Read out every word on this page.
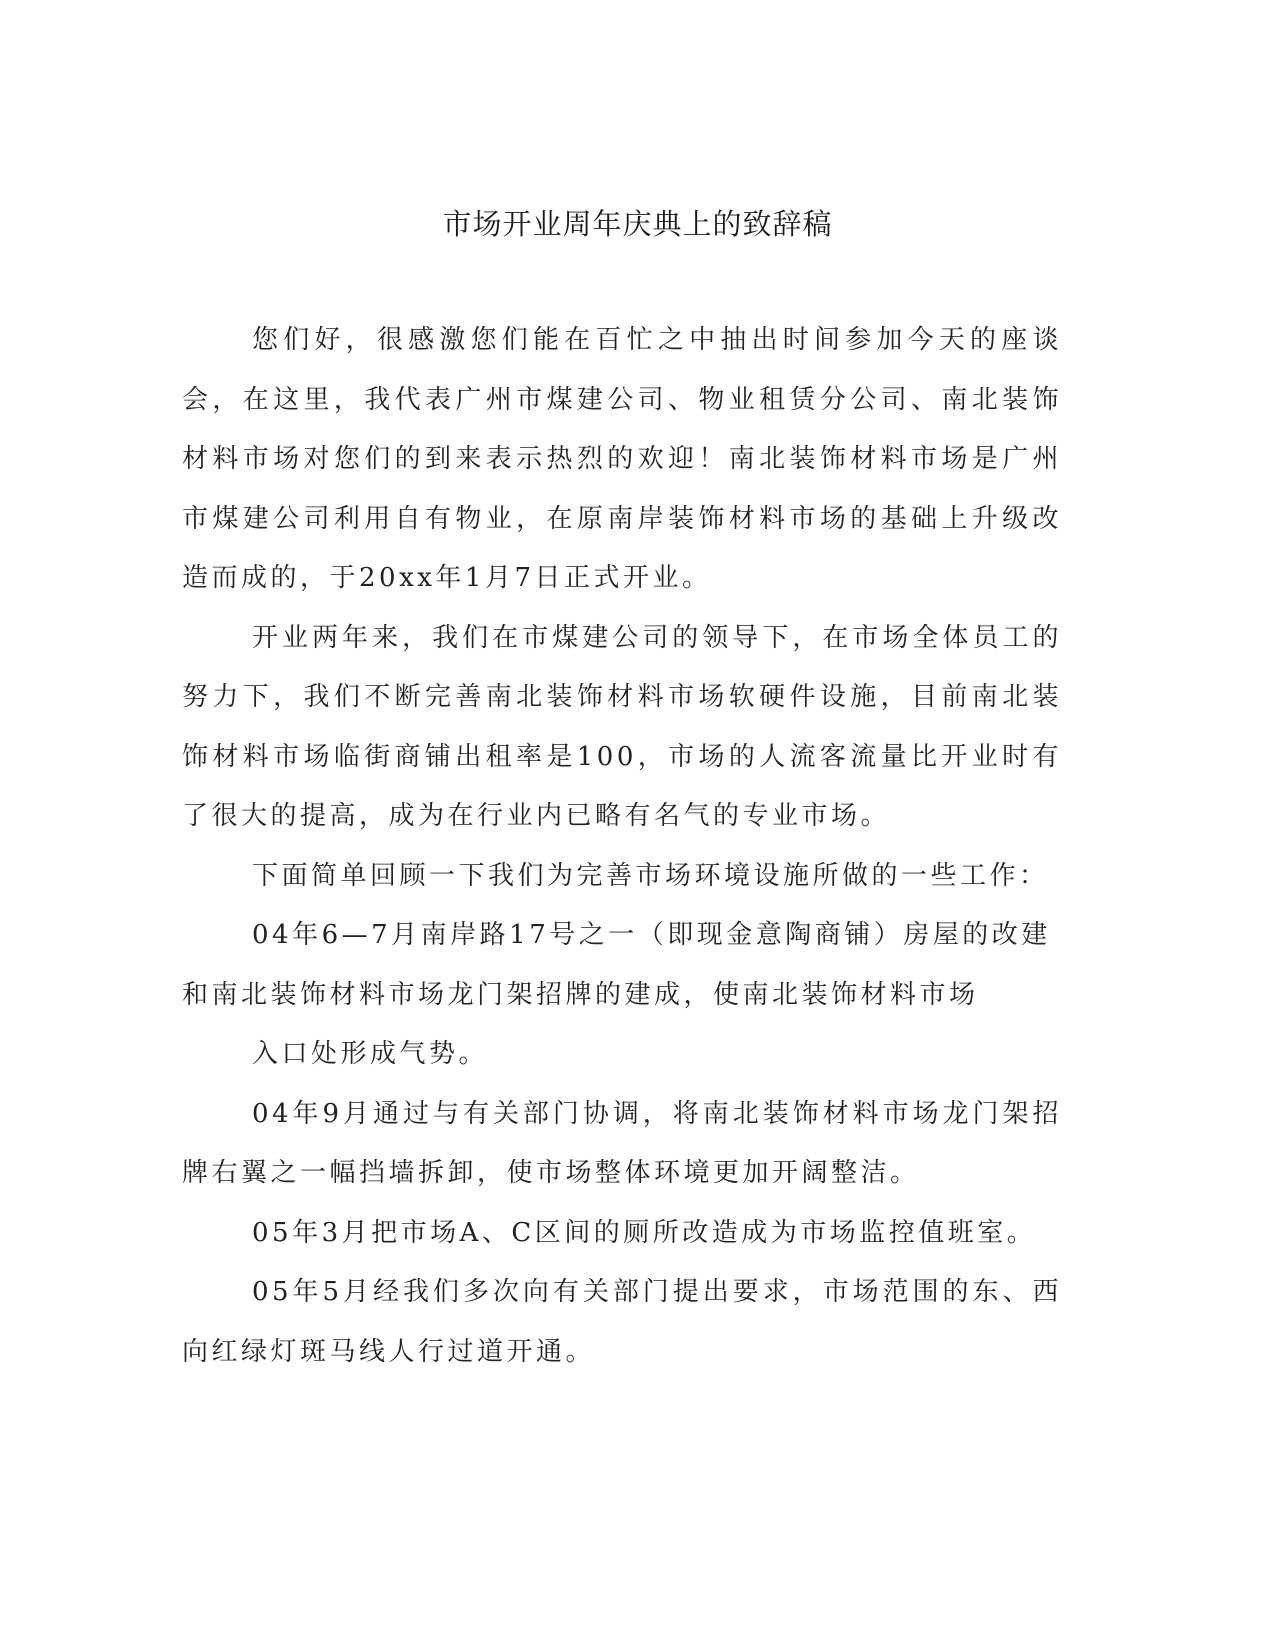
市场开业周年庆典上的致辞稿

您们好，很感激您们能在百忙之中抽出时间参加今天的座谈会，在这里，我代表广州市煤建公司、物业租赁分公司、南北装饰材料市场对您们的到来表示热烈的欢迎！南北装饰材料市场是广州市煤建公司利用自有物业，在原南岸装饰材料市场的基础上升级改造而成的，于20xx年1月7日正式开业。

开业两年来，我们在市煤建公司的领导下，在市场全体员工的努力下，我们不断完善南北装饰材料市场软硬件设施，目前南北装饰材料市场临街商铺出租率是100，市场的人流客流量比开业时有了很大的提高，成为在行业内已略有名气的专业市场。

下面简单回顾一下我们为完善市场环境设施所做的一些工作：

04年6—7月南岸路17号之一（即现金意陶商铺）房屋的改建和南北装饰材料市场龙门架招牌的建成，使南北装饰材料市场

入口处形成气势。

04年9月通过与有关部门协调，将南北装饰材料市场龙门架招牌右翼之一幅挡墙拆卸，使市场整体环境更加开阔整洁。

05年3月把市场A、C区间的厕所改造成为市场监控值班室。

05年5月经我们多次向有关部门提出要求，市场范围的东、西向红绿灯斑马线人行过道开通。
